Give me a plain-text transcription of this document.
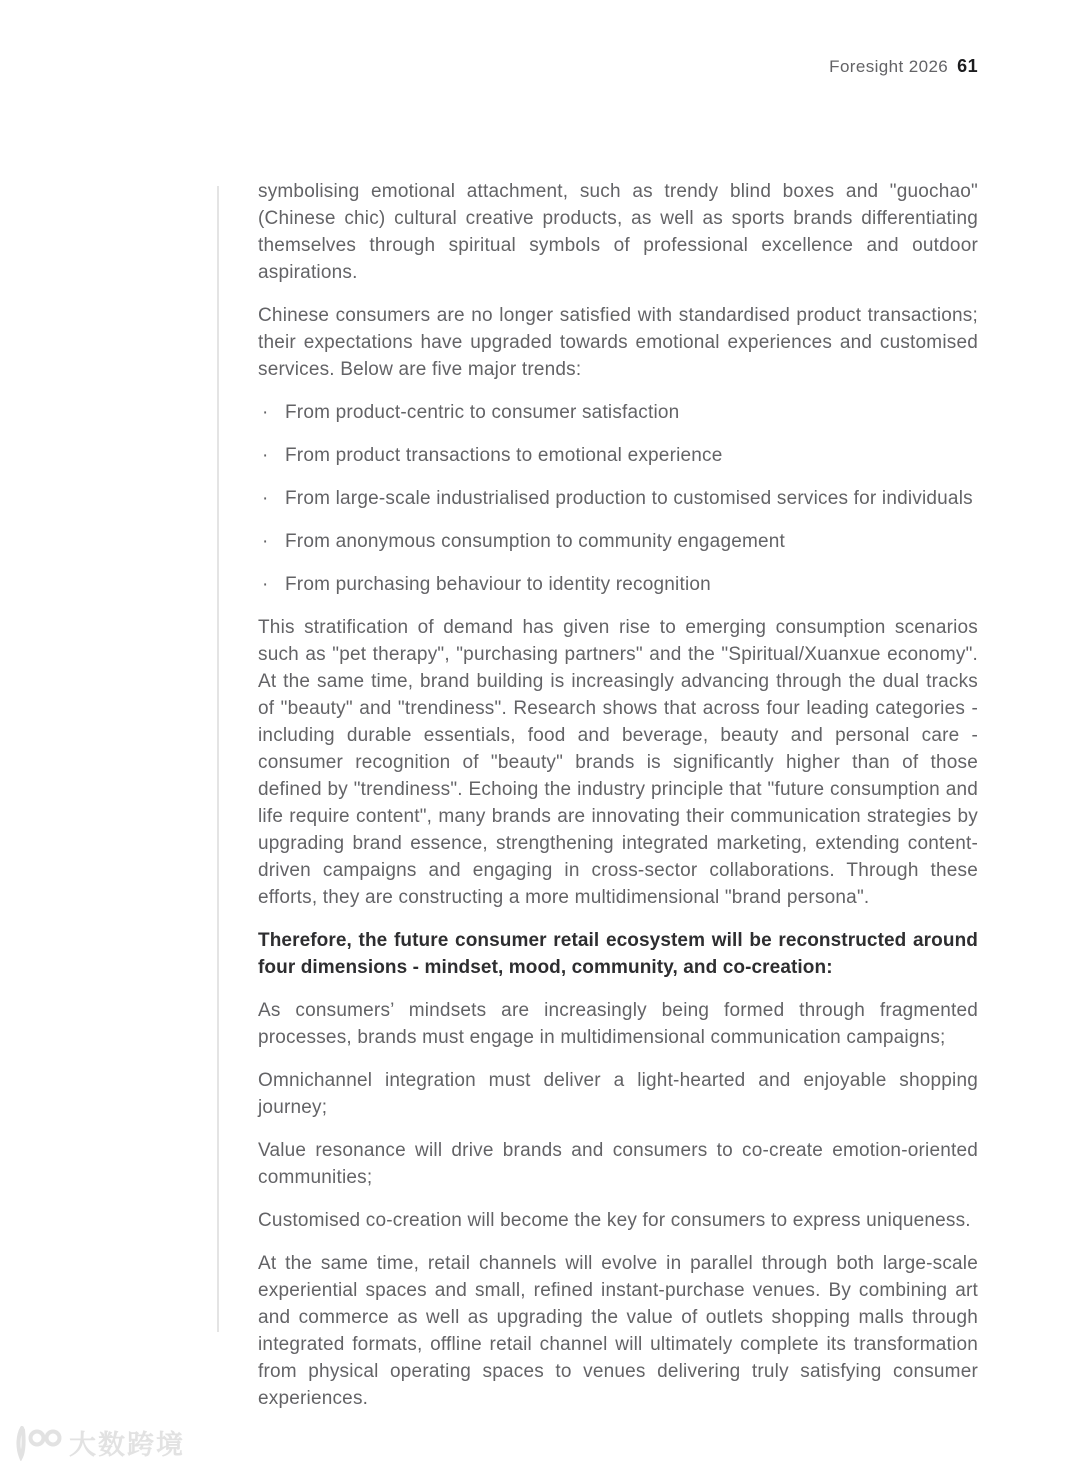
Foresight 2026 61

symbolising emotional attachment, such as trendy blind boxes and "guochao" (Chinese chic) cultural creative products, as well as sports brands differentiating themselves through spiritual symbols of professional excellence and outdoor aspirations.

Chinese consumers are no longer satisfied with standardised product transactions; their expectations have upgraded towards emotional experiences and customised services. Below are five major trends:

· From product-centric to consumer satisfaction
· From product transactions to emotional experience
· From large-scale industrialised production to customised services for individuals
· From anonymous consumption to community engagement
· From purchasing behaviour to identity recognition

This stratification of demand has given rise to emerging consumption scenarios such as "pet therapy", "purchasing partners" and the "Spiritual/Xuanxue economy". At the same time, brand building is increasingly advancing through the dual tracks of "beauty" and "trendiness". Research shows that across four leading categories - including durable essentials, food and beverage, beauty and personal care - consumer recognition of "beauty" brands is significantly higher than of those defined by "trendiness". Echoing the industry principle that "future consumption and life require content", many brands are innovating their communication strategies by upgrading brand essence, strengthening integrated marketing, extending content-driven campaigns and engaging in cross-sector collaborations. Through these efforts, they are constructing a more multidimensional "brand persona".

Therefore, the future consumer retail ecosystem will be reconstructed around four dimensions - mindset, mood, community, and co-creation:

As consumers’ mindsets are increasingly being formed through fragmented processes, brands must engage in multidimensional communication campaigns;

Omnichannel integration must deliver a light-hearted and enjoyable shopping journey;

Value resonance will drive brands and consumers to co-create emotion-oriented communities;

Customised co-creation will become the key for consumers to express uniqueness.

At the same time, retail channels will evolve in parallel through both large-scale experiential spaces and small, refined instant-purchase venues. By combining art and commerce as well as upgrading the value of outlets shopping malls through integrated formats, offline retail channel will ultimately complete its transformation from physical operating spaces to venues delivering truly satisfying consumer experiences.

大数跨境
